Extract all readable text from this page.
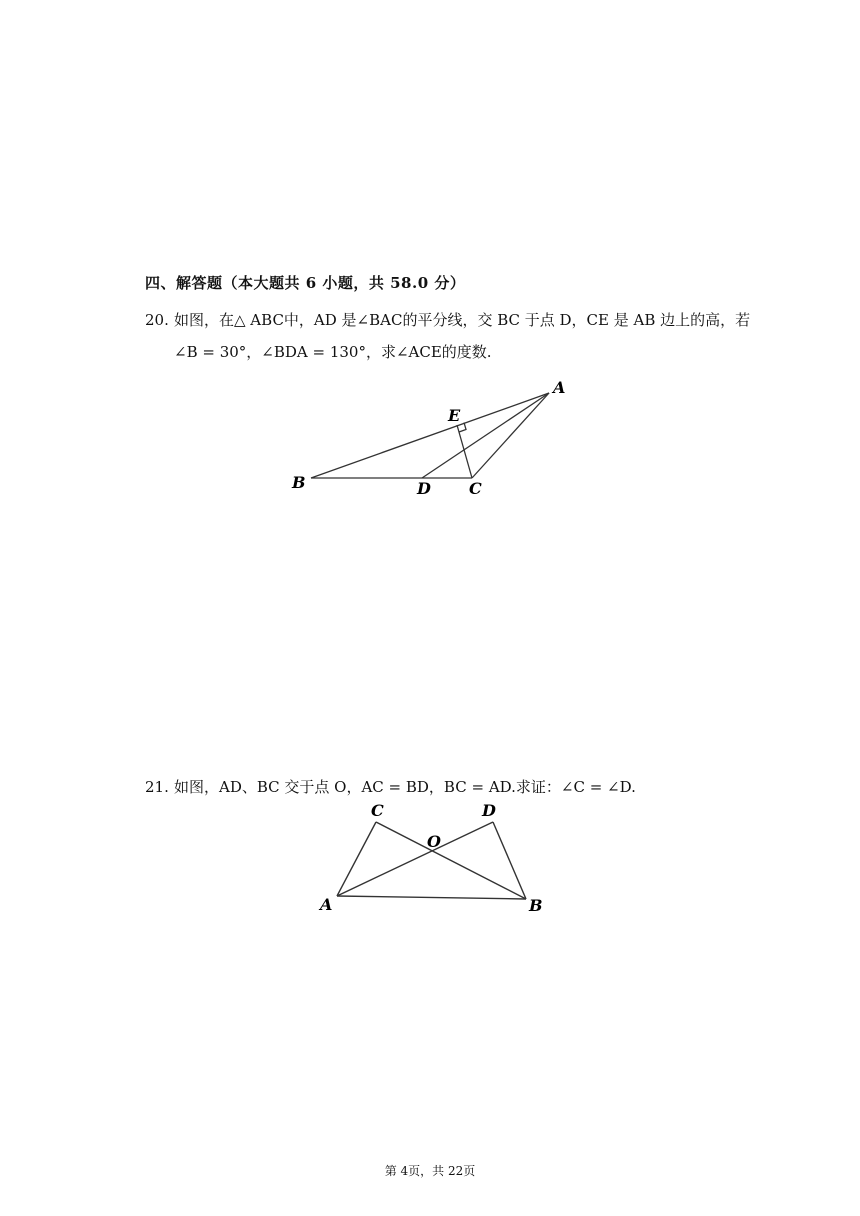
四、解答题（本大题共 6 小题，共 58.0 分）
20. 如图，在△ ABC中，AD 是∠BAC的平分线，交 BC 于点 D，CE 是 AB 边上的高，若
∠B = 30°，∠BDA = 130°，求∠ACE的度数.
A
B	C
D
E
21. 如图，AD、BC 交于点 O，AC = BD，BC = AD.求证：∠C = ∠D.
A	B
C	D
O
第 4页，共 22页
